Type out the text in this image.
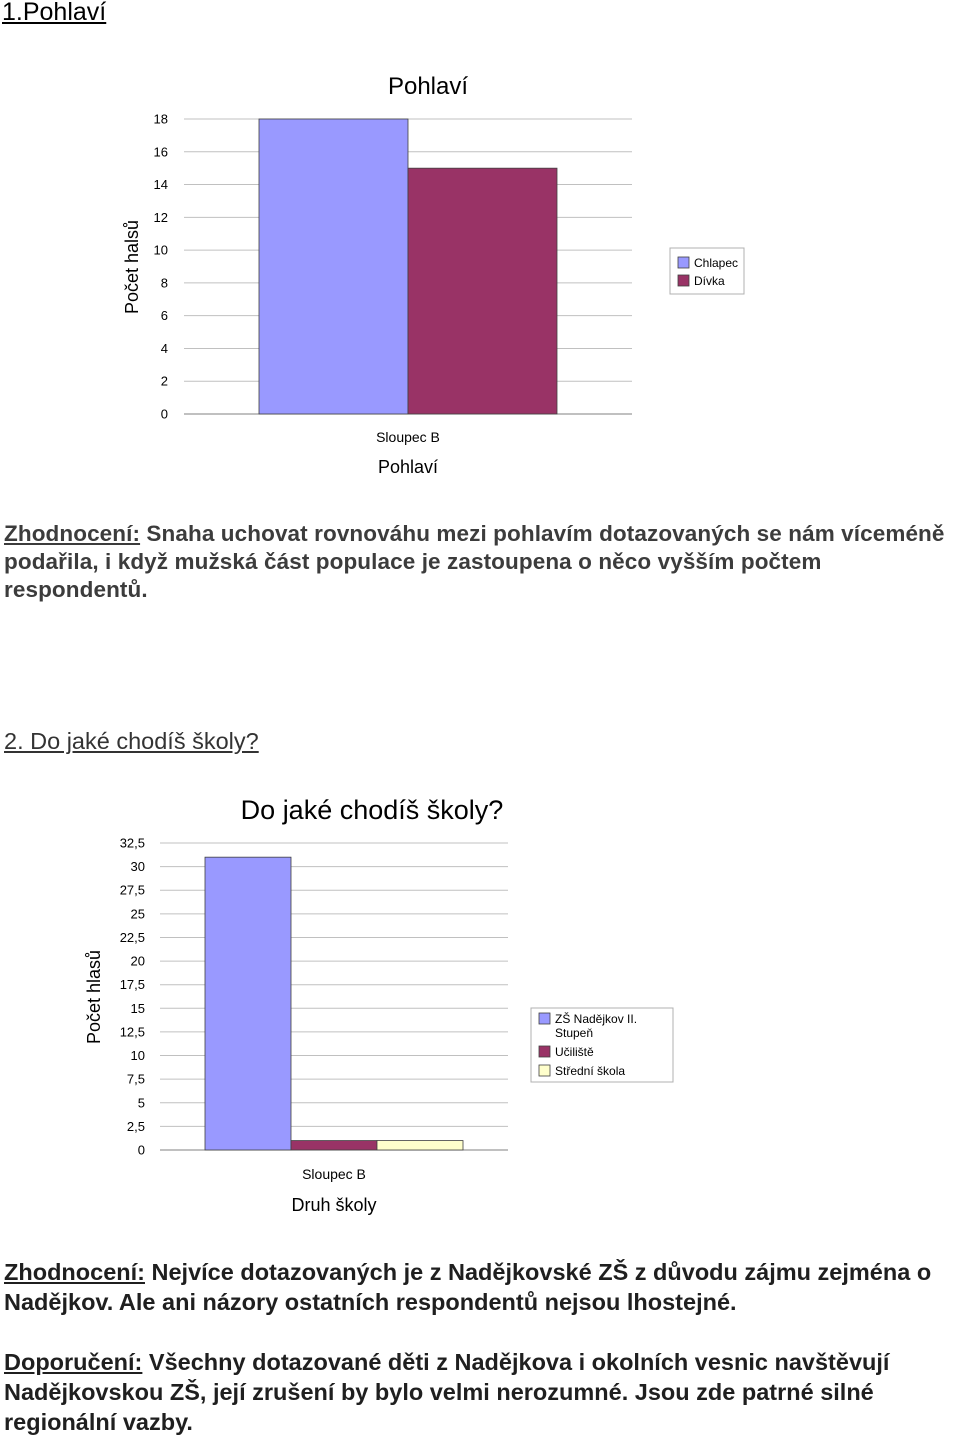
1.Pohlaví
Pohlaví
0
2
4
6
8
10
12
14
16
18
Sloupec B
Pohlaví
Počet halsů	Chlapec
Dívka
Zhodnocení: Snaha uchovat rovnováhu mezi pohlavím dotazovaných se nám víceméně podařila, i když mužská část populace je zastoupena o něco vyšším počtem respondentů.
2. Do jaké chodíš školy?
Do jaké chodíš školy?
0
2,5
5
7,5
10
12,5
15
17,5
20
22,5
25
27,5
30
32,5
Sloupec B
Druh školy
Počet hlasů	ZŠ Nadějkov II. Stupeň
Učiliště
Střední škola
Zhodnocení: Nejvíce dotazovaných je z Nadějkovské ZŠ z důvodu zájmu zejména o Nadějkov. Ale ani názory ostatních respondentů nejsou lhostejné.
Doporučení: Všechny dotazované děti z Nadějkova i okolních vesnic navštěvují Nadějkovskou ZŠ, její zrušení by bylo velmi nerozumné. Jsou zde patrné silné regionální vazby.
